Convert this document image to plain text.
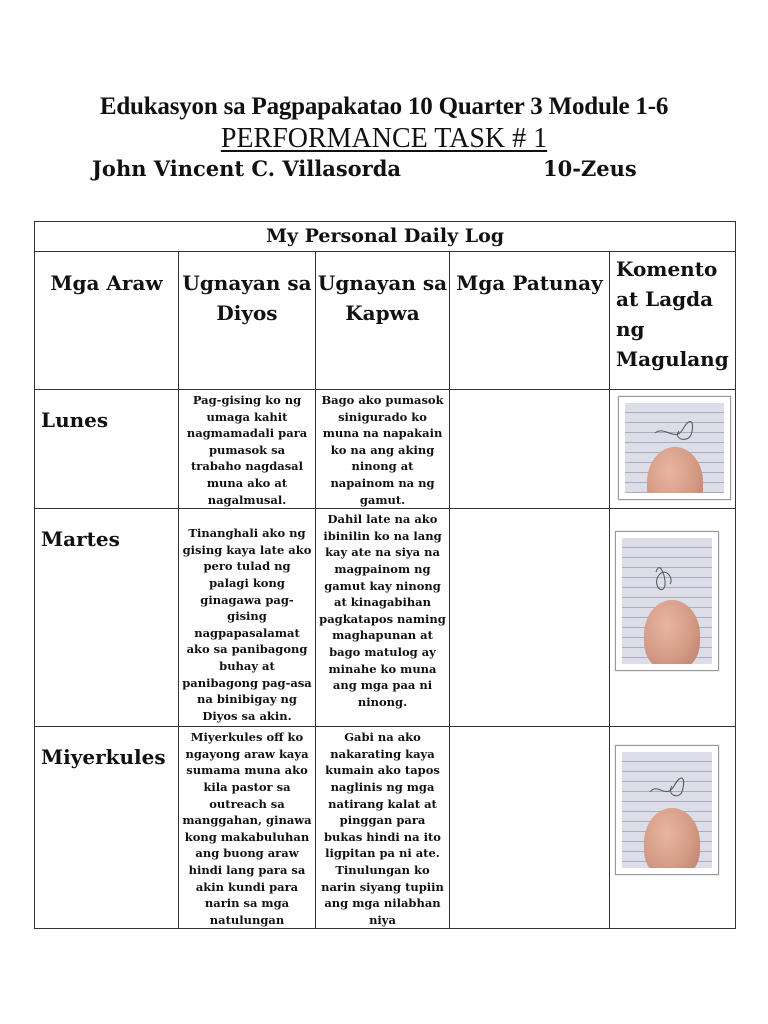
Edukasyon sa Pagpapakatao 10 Quarter 3 Module 1-6
PERFORMANCE TASK # 1
John Vincent C. Villasorda	10-Zeus
My Personal Daily Log				
Mga Araw	Ugnayan sa Diyos	Ugnayan sa Kapwa	Mga Patunay	Komento at Lagda ng Magulang
Lunes	Pag-gising ko ng umaga kahit nagmamadali para pumasok sa trabaho nagdasal muna ako at nagalmusal.	Bago ako pumasok sinigurado ko muna na napakain ko na ang aking ninong at napainom na ng gamut.		

Martes	Tinanghali ako ng gising kaya late ako pero tulad ng palagi kong ginagawa pag-gising nagpapasalamat ako sa panibagong buhay at panibagong pag-asa na binibigay ng Diyos sa akin.	Dahil late na ako ibinilin ko na lang kay ate na siya na magpainom ng gamut kay ninong at kinagabihan pagkatapos naming maghapunan at bago matulog ay minahe ko muna ang mga paa ni ninong.		

Miyerkules	Miyerkules off ko ngayong araw kaya sumama muna ako kila pastor sa outreach sa manggahan, ginawa kong makabuluhan ang buong araw hindi lang para sa akin kundi para narin sa mga natulungan	Gabi na ako nakarating kaya kumain ako tapos naglinis ng mga natirang kalat at pinggan para bukas hindi na ito ligpitan pa ni ate. Tinulungan ko narin siyang tupiin ang mga nilabhan niya		
